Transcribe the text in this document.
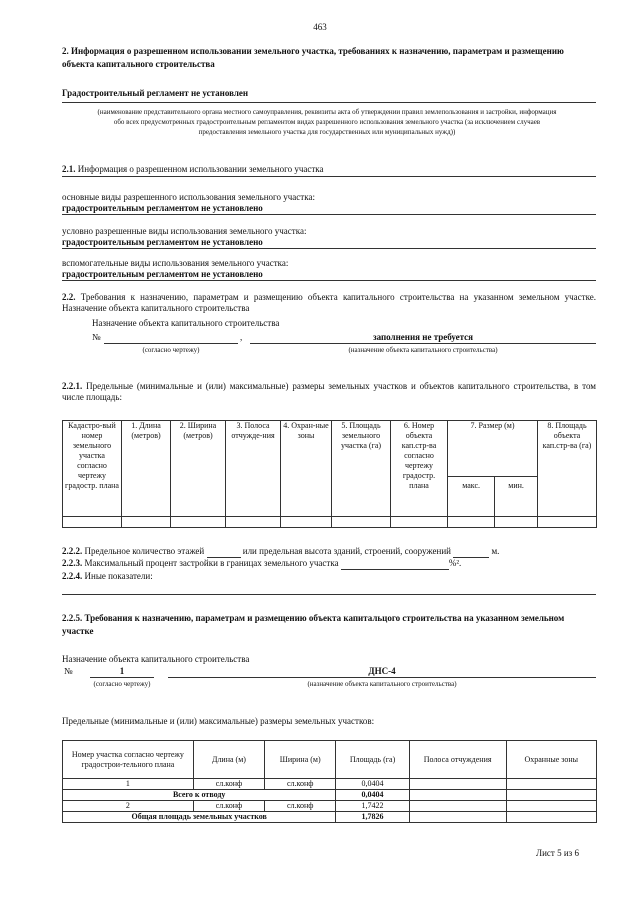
463
2. Информация о разрешенном использовании земельного участка, требованиях к назначению, параметрам и размещению объекта капитального строительства
Градостроительный регламент не установлен
(наименование представительного органа местного самоуправления, реквизиты акта об утверждении правил землепользования и застройки, информация обо всех предусмотренных градостроительным регламентом видах разрешенного использования земельного участка (за исключением случаев предоставления земельного участка для государственных или муниципальных нужд))
2.1. Информация о разрешенном использовании земельного участка
основные виды разрешенного использования земельного участка:
градостроительным регламентом не установлено
условно разрешенные виды использования земельного участка:
градостроительным регламентом не установлено
вспомогательные виды использования земельного участка:
градостроительным регламентом не установлено
2.2. Требования к назначению, параметрам и размещению объекта капитального строительства на указанном земельном участке. Назначение объекта капитального строительства
Назначение объекта капитального строительства
№	,	заполнения не требуется
(согласно чертежу)	(назначение объекта капитального строительства)
2.2.1. Предельные (минимальные и (или) максимальные) размеры земельных участков и объектов капитального строительства, в том числе площадь:
Кадастро-вый номер земельного участка согласно чертежу градостр. плана	1. Длина (метров)	2. Ширина (метров)	3. Полоса отчужде-ния	4. Охран-ные зоны	5. Площадь земельного участка (га)	6. Номер объекта кап.стр-ва согласно чертежу градостр. плана	7. Размер (м)		8. Площадь объекта кап.стр-ва (га)
							макс.	мин.	

2.2.2. Предельное количество этажей	или предельная высота зданий, строений, сооружений	м.
2.2.3. Максимальный процент застройки в границах земельного участка	%².
2.2.4. Иные показатели:
2.2.5. Требования к назначению, параметрам и размещению объекта капитальцого строительства на указанном земельном участке
Назначение объекта капитального строительства
№	1	ДНС-4
(согласно чертежу)	(назначение объекта капитального строительства)
Предельные (минимальные и (или) максимальные) размеры земельных участков:
Номер участка согласно чертежу градострои-тельного плана	Длина (м)	Ширина (м)	Площадь (га)	Полоса отчуждения	Охранные зоны
1	сл.конф	сл.конф	0,0404		
Всего к отводу			0,0404		
2	сл.конф	сл.конф	1,7422		
Общая площадь земельных участков			1,7826		
Лист 5 из 6
